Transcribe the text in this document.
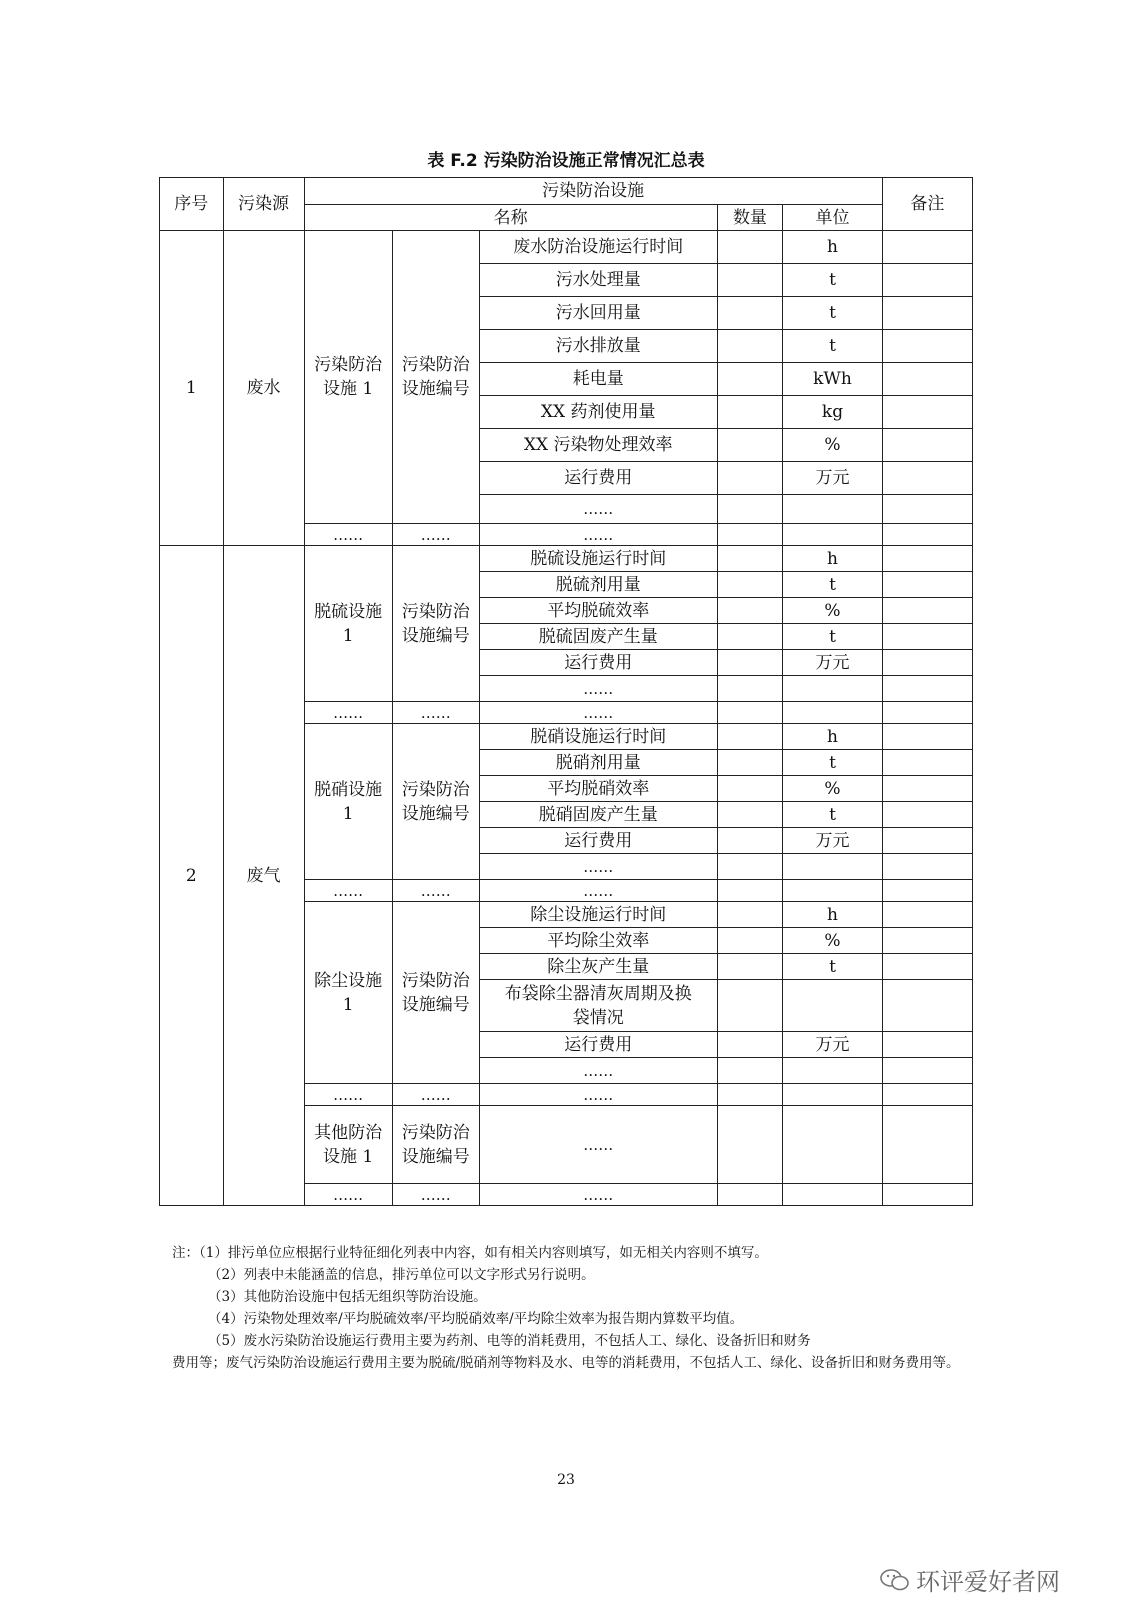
表 F.2 污染防治设施正常情况汇总表
序号	污染源	污染防治设施					备注
		名称			数量	单位	
1	废水	污染防治设施 1	污染防治设施编号	废水防治设施运行时间		h	
				污水处理量		t	
				污水回用量		t	
				污水排放量		t	
				耗电量		kWh	
				XX 药剂使用量		kg	
				XX 污染物处理效率		%	
				运行费用		万元	
				……			
		……	……	……			
2	废气	脱硫设施 1	污染防治设施编号	脱硫设施运行时间		h	
				脱硫剂用量		t	
				平均脱硫效率		%	
				脱硫固废产生量		t	
				运行费用		万元	
				……			
		……	……	……			
		脱硝设施 1	污染防治设施编号	脱硝设施运行时间		h	
				脱硝剂用量		t	
				平均脱硝效率		%	
				脱硝固废产生量		t	
				运行费用		万元	
				……			
		……	……	……			
		除尘设施 1	污染防治设施编号	除尘设施运行时间		h	
				平均除尘效率		%	
				除尘灰产生量		t	
				布袋除尘器清灰周期及换袋情况			
				运行费用		万元	
				……			
		……	……	……			
		其他防治设施 1	污染防治设施编号	……			
		……	……	……			
注：（1）排污单位应根据行业特征细化列表中内容，如有相关内容则填写，如无相关内容则不填写。
（2）列表中未能涵盖的信息，排污单位可以文字形式另行说明。
（3）其他防治设施中包括无组织等防治设施。
（4）污染物处理效率/平均脱硫效率/平均脱硝效率/平均除尘效率为报告期内算数平均值。
（5）废水污染防治设施运行费用主要为药剂、电等的消耗费用，不包括人工、绿化、设备折旧和财务
费用等；废气污染防治设施运行费用主要为脱硫/脱硝剂等物料及水、电等的消耗费用，不包括人工、绿化、设备折旧和财务费用等。
23
环评爱好者网
